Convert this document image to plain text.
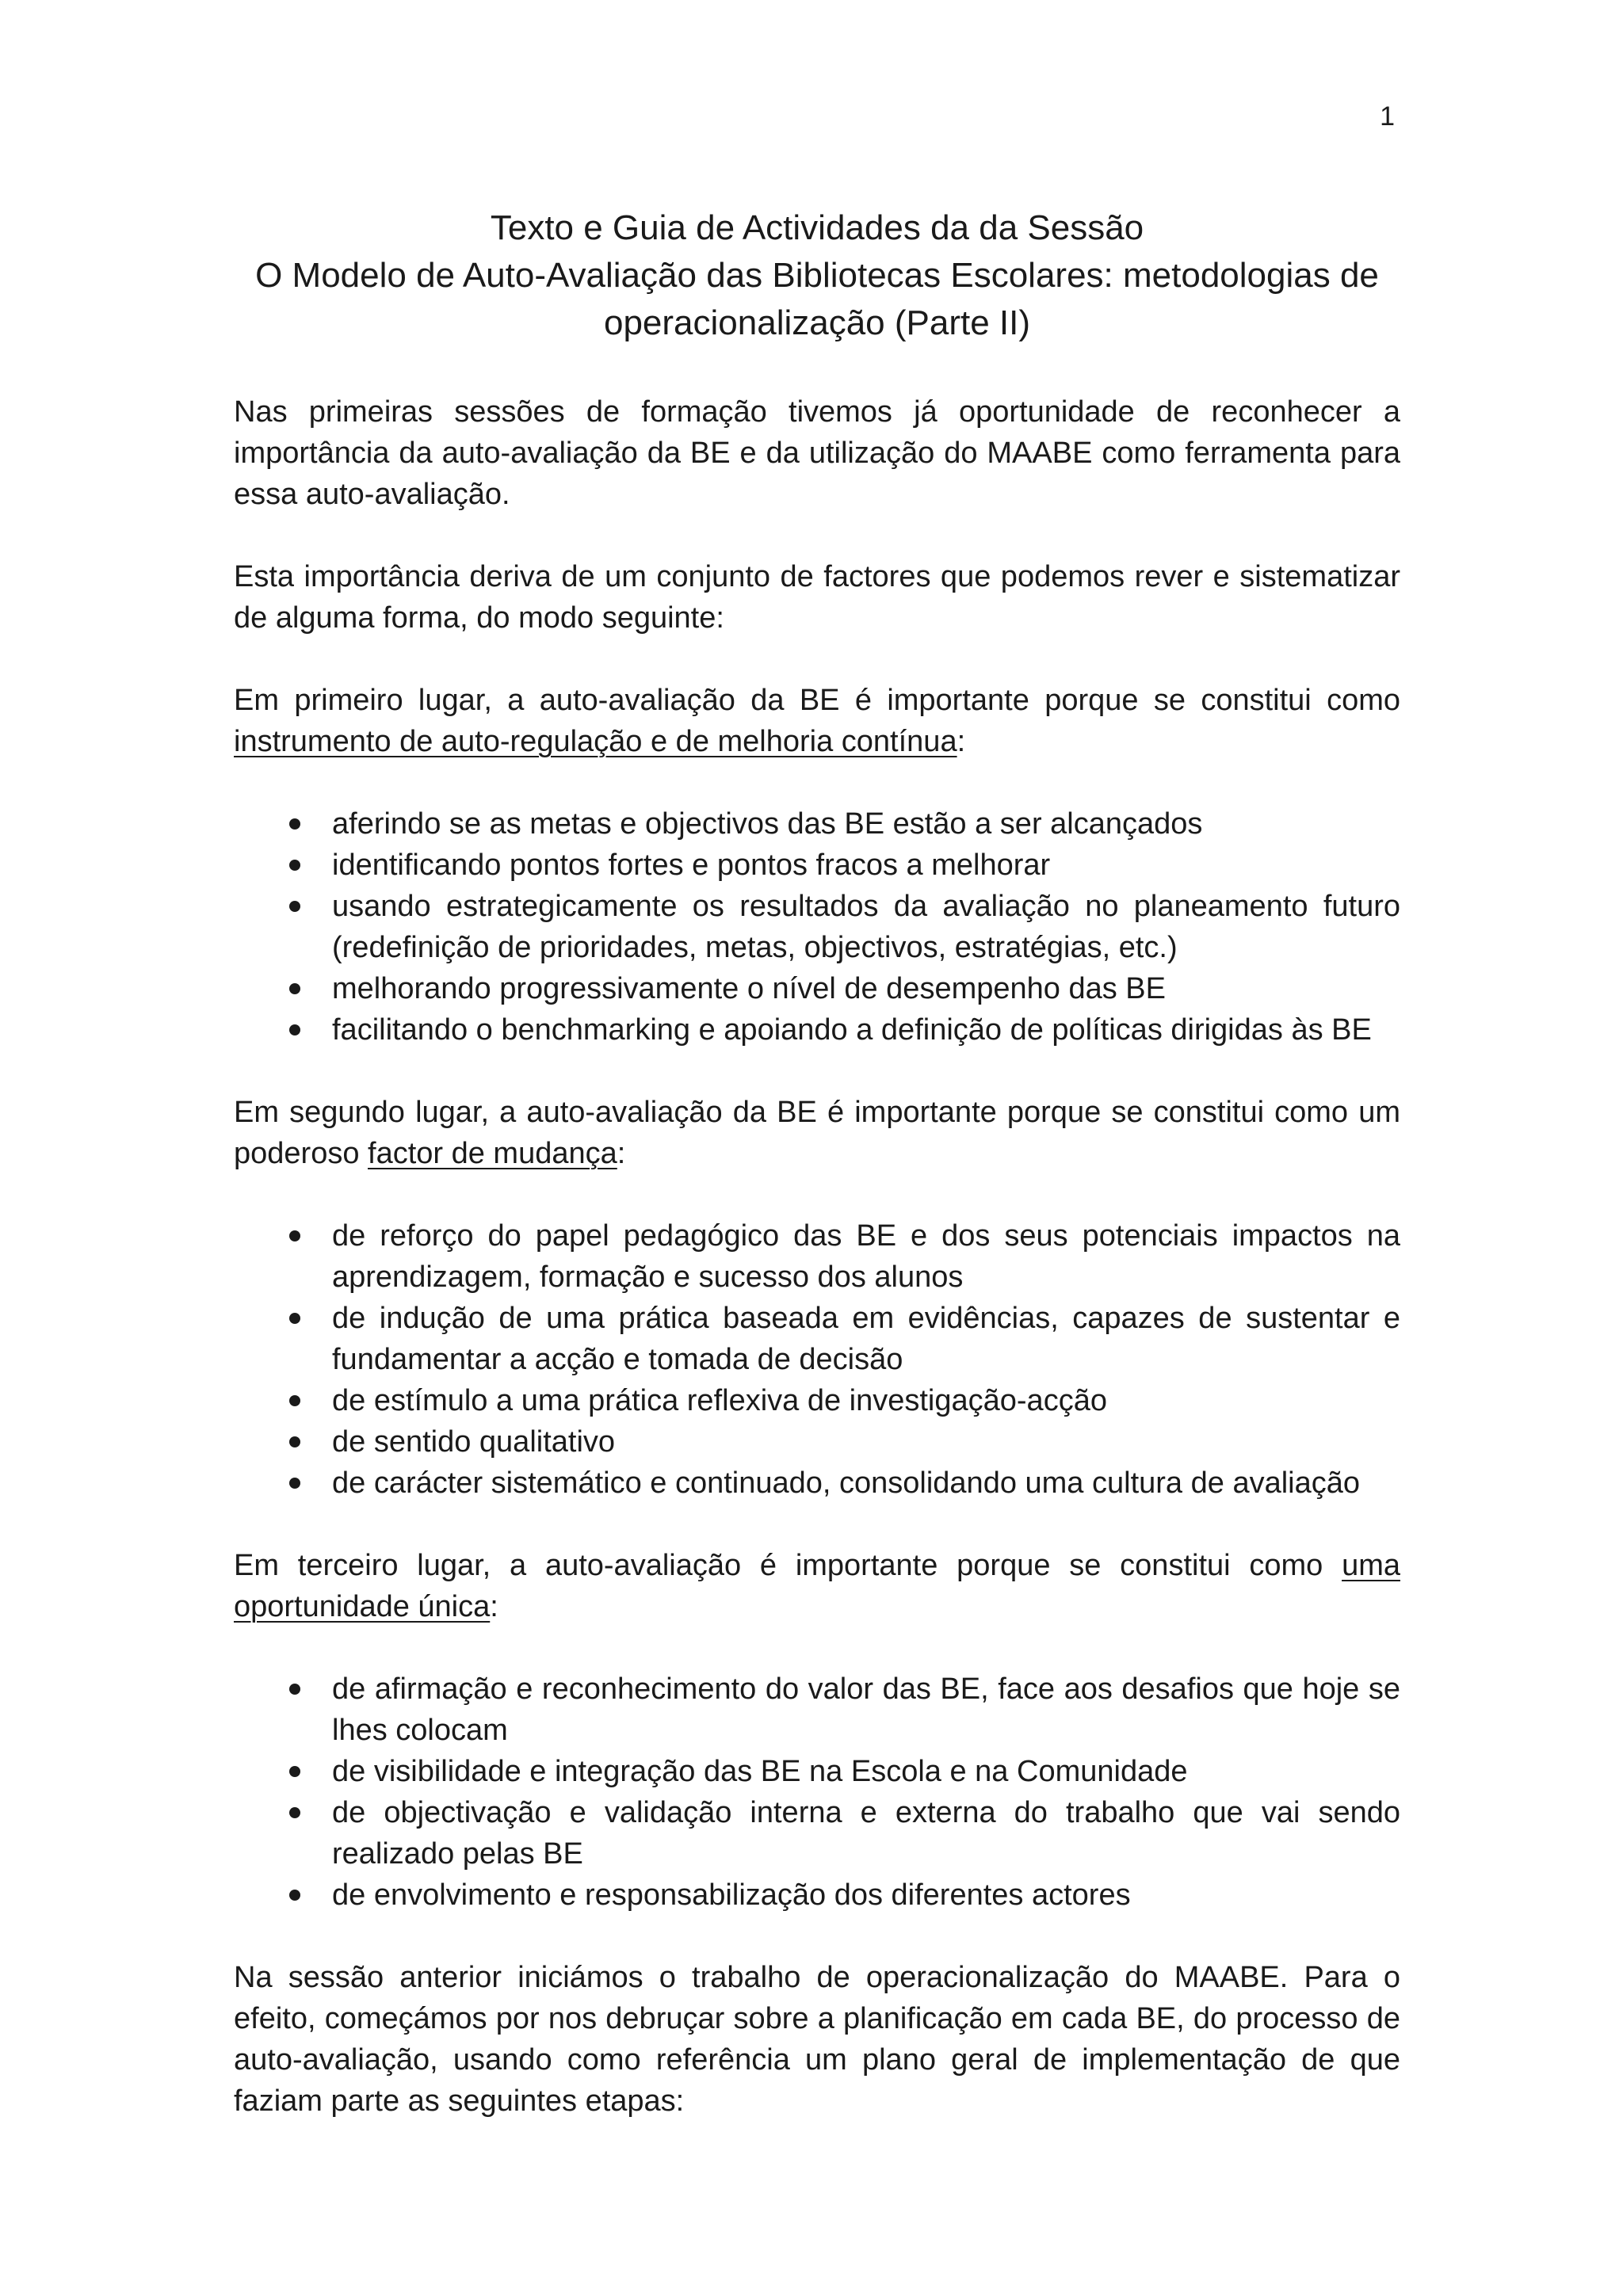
1
Texto e Guia de Actividades da da Sessão
O Modelo de Auto-Avaliação das Bibliotecas Escolares: metodologias de
operacionalização (Parte II)

Nas primeiras sessões de formação tivemos já oportunidade de reconhecer a importância da auto-avaliação da BE e da utilização do MAABE como ferramenta para essa auto-avaliação.

Esta importância deriva de um conjunto de factores que podemos rever e sistematizar de alguma forma, do modo seguinte:

Em primeiro lugar, a auto-avaliação da BE é importante porque se constitui como instrumento de auto-regulação e de melhoria contínua:

aferindo se as metas e objectivos das BE estão a ser alcançados
identificando pontos fortes e pontos fracos a melhorar
usando estrategicamente os resultados da avaliação no planeamento futuro (redefinição de prioridades, metas, objectivos, estratégias, etc.)
melhorando progressivamente o nível de desempenho das BE
facilitando o benchmarking e apoiando a definição de políticas dirigidas às BE

Em segundo lugar, a auto-avaliação da BE é importante porque se constitui como um poderoso factor de mudança:

de reforço do papel pedagógico das BE e dos seus potenciais impactos na aprendizagem, formação e sucesso dos alunos
de indução de uma prática baseada em evidências, capazes de sustentar e fundamentar a acção e tomada de decisão
de estímulo a uma prática reflexiva de investigação-acção
de sentido qualitativo
de carácter sistemático e continuado, consolidando uma cultura de avaliação

Em terceiro lugar, a auto-avaliação é importante porque se constitui como uma oportunidade única:

de afirmação e reconhecimento do valor das BE, face aos desafios que hoje se lhes colocam
de visibilidade e integração das BE na Escola e na Comunidade
de objectivação e validação interna e externa do trabalho que vai sendo realizado pelas BE
de envolvimento e responsabilização dos diferentes actores

Na sessão anterior iniciámos o trabalho de operacionalização do MAABE. Para o efeito, começámos por nos debruçar sobre a planificação em cada BE, do processo de auto-avaliação, usando como referência um plano geral de implementação de que faziam parte as seguintes etapas:
